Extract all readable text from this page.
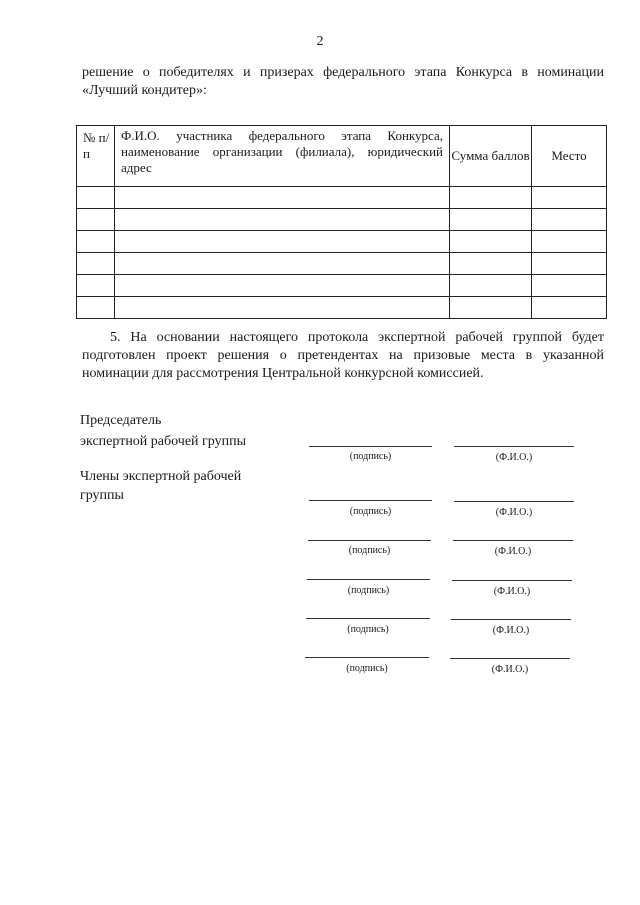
2
решение о победителях и призерах федерального этапа Конкурса в номинации «Лучший кондитер»:
№ п/п	Ф.И.О. участника федерального этапа Конкурса, наименование организации (филиала), юридический адрес	Сумма баллов	Место

5. На основании настоящего протокола экспертной рабочей группой будет подготовлен проект решения о претендентах на призовые места в указанной номинации для рассмотрения Центральной конкурсной комиссией.
Председатель
экспертной рабочей группы
Члены экспертной рабочей
группы
(подпись)	(Ф.И.О.)
(подпись)	(Ф.И.О.)
(подпись)	(Ф.И.О.)
(подпись)	(Ф.И.О.)
(подпись)	(Ф.И.О.)
(подпись)	(Ф.И.О.)
